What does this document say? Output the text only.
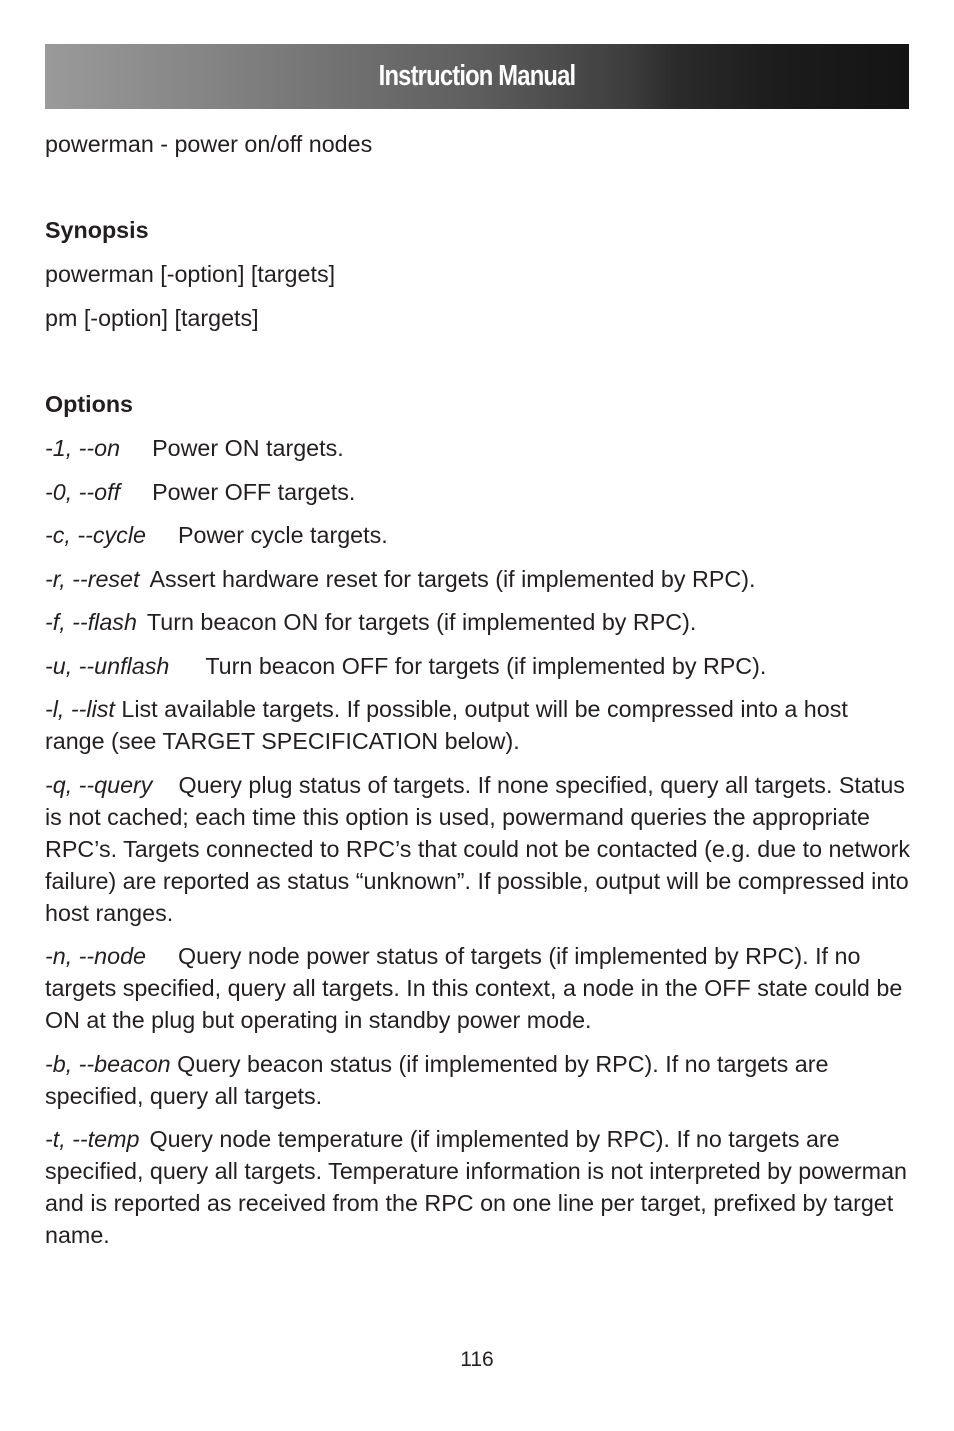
Instruction Manual

powerman - power on/off nodes

Synopsis

powerman [-option] [targets]

pm [-option] [targets]

Options

-1, --on Power ON targets.

-0, --off Power OFF targets.

-c, --cycle Power cycle targets.

-r, --reset Assert hardware reset for targets (if implemented by RPC).

-f, --flash Turn beacon ON for targets (if implemented by RPC).

-u, --unflash Turn beacon OFF for targets (if implemented by RPC).

-l, --list List available targets. If possible, output will be compressed into a host range (see TARGET SPECIFICATION below).

-q, --query Query plug status of targets. If none specified, query all targets. Status is not cached; each time this option is used, powermand queries the appropriate RPC’s. Targets connected to RPC’s that could not be contacted (e.g. due to network failure) are reported as status “unknown”. If possible, output will be compressed into host ranges.

-n, --node Query node power status of targets (if implemented by RPC). If no targets specified, query all targets. In this context, a node in the OFF state could be ON at the plug but operating in standby power mode.

-b, --beacon Query beacon status (if implemented by RPC). If no targets are specified, query all targets.

-t, --temp Query node temperature (if implemented by RPC). If no targets are specified, query all targets. Temperature information is not interpreted by powerman and is reported as received from the RPC on one line per target, prefixed by target name.

116
